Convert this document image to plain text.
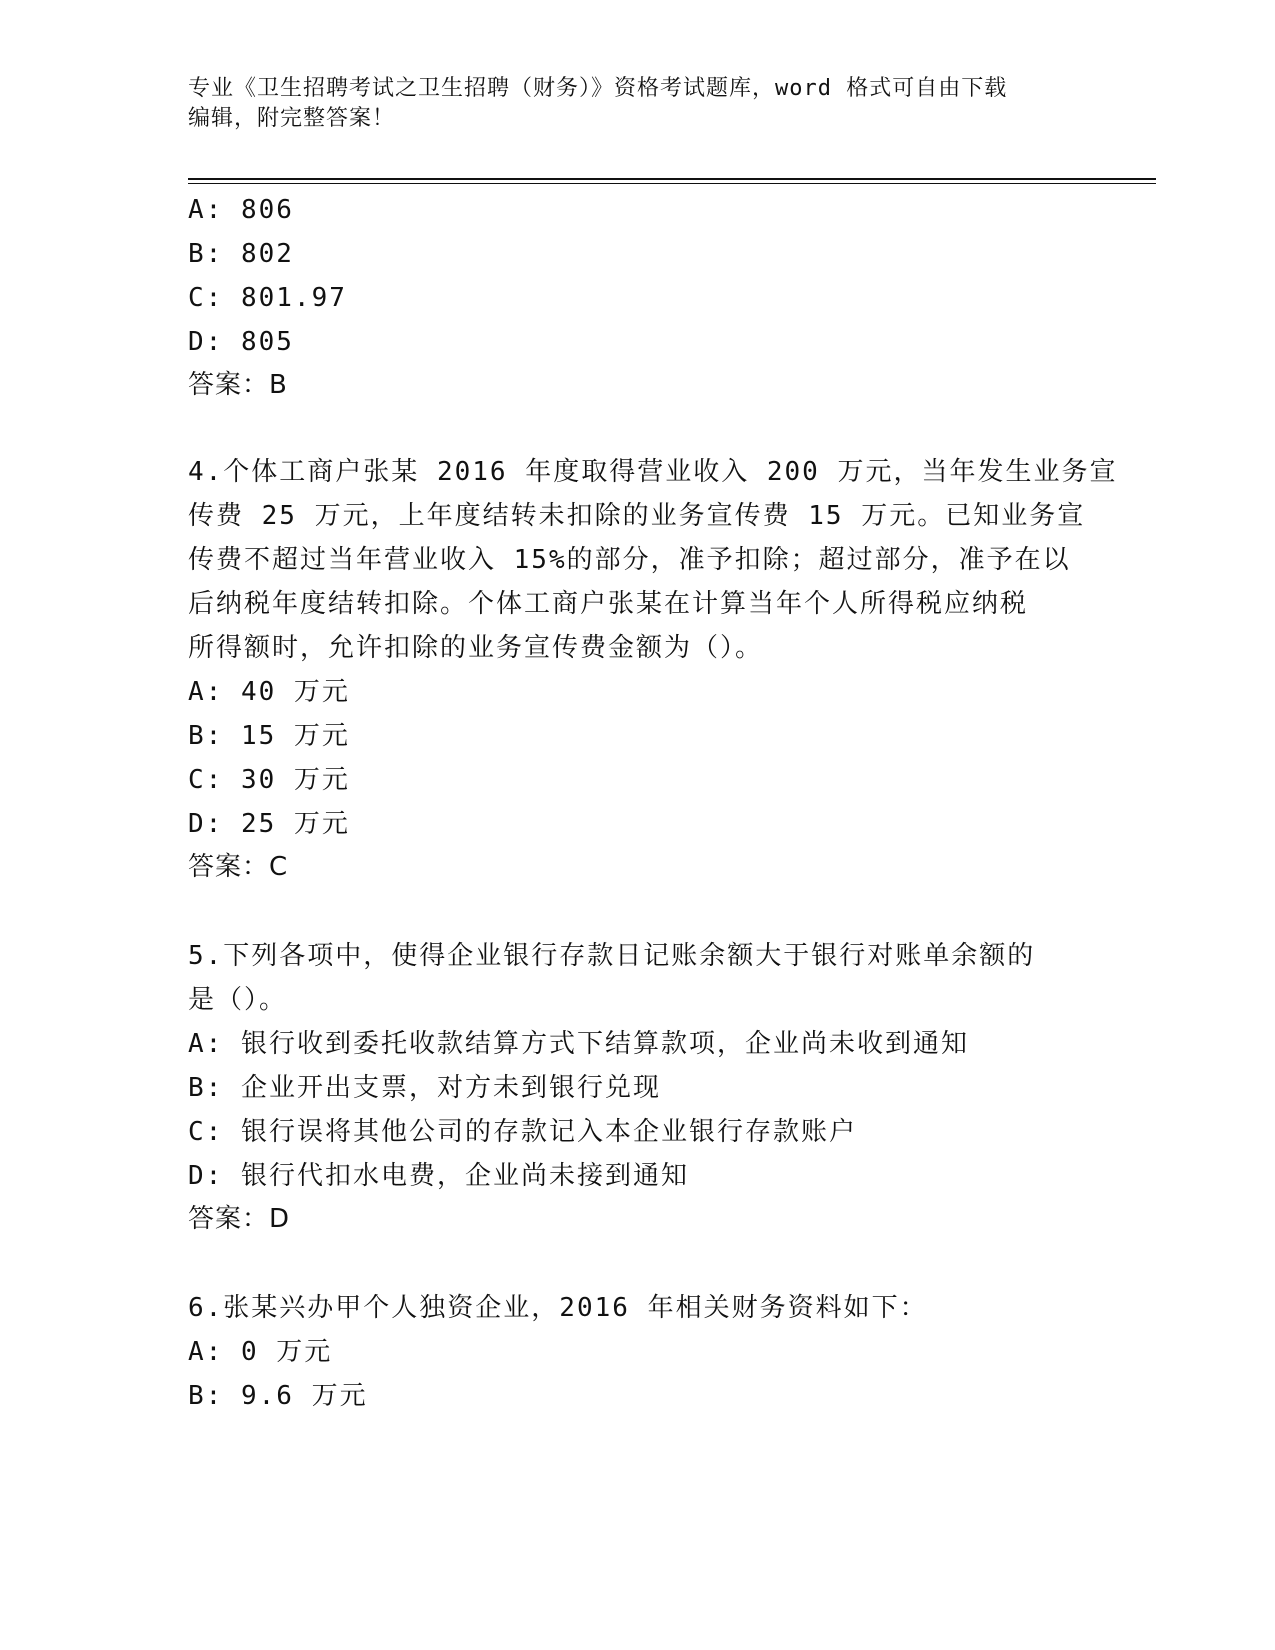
专业《卫生招聘考试之卫生招聘（财务）》资格考试题库，word 格式可自由下载
编辑，附完整答案！
A: 806
B: 802
C: 801.97
D: 805
答案：B
4.个体工商户张某 2016 年度取得营业收入 200 万元，当年发生业务宣
传费 25 万元，上年度结转未扣除的业务宣传费 15 万元。已知业务宣
传费不超过当年营业收入 15%的部分，准予扣除；超过部分，准予在以
后纳税年度结转扣除。个体工商户张某在计算当年个人所得税应纳税
所得额时，允许扣除的业务宣传费金额为（）。
A: 40 万元
B: 15 万元
C: 30 万元
D: 25 万元
答案：C
5.下列各项中，使得企业银行存款日记账余额大于银行对账单余额的
是（）。
A: 银行收到委托收款结算方式下结算款项，企业尚未收到通知
B: 企业开出支票，对方未到银行兑现
C: 银行误将其他公司的存款记入本企业银行存款账户
D: 银行代扣水电费，企业尚未接到通知
答案：D
6.张某兴办甲个人独资企业，2016 年相关财务资料如下：
A: 0 万元
B: 9.6 万元
